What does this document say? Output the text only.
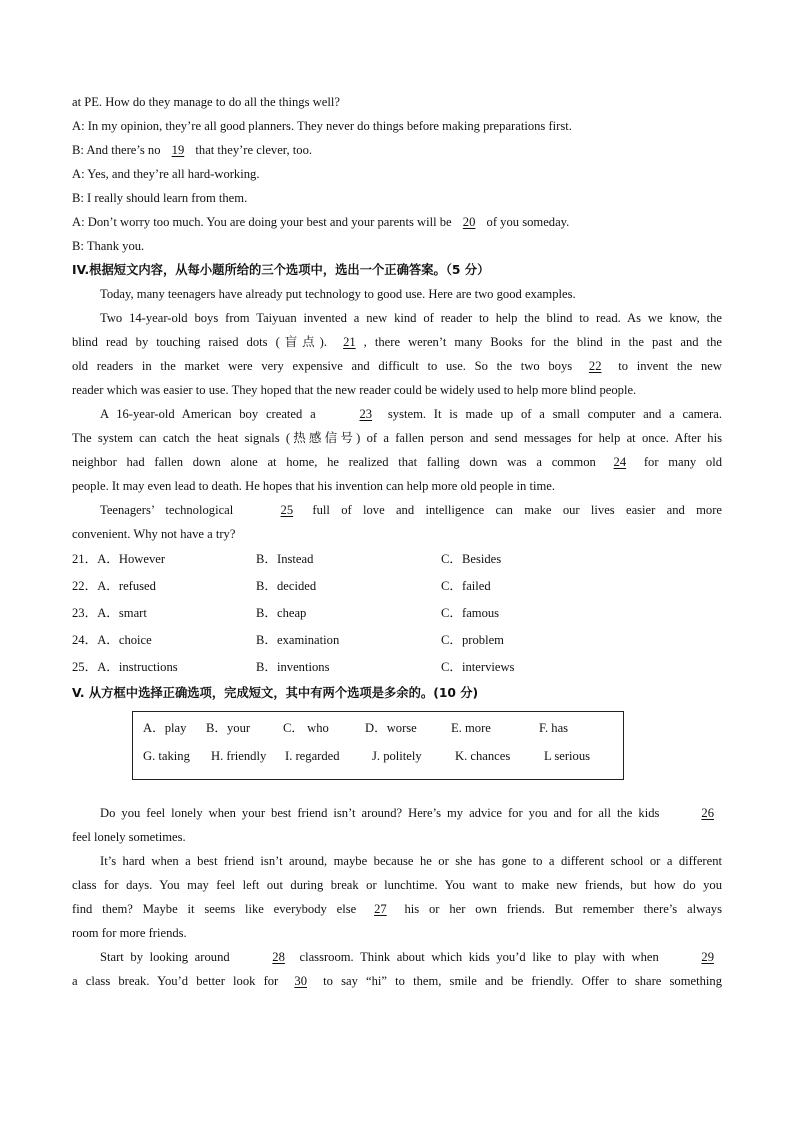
at PE. How do they manage to do all the things well?
A: In my opinion, they’re all good planners. They never do things before making preparations first.
B: And there’s no 19 that they’re clever, too.
A: Yes, and they’re all hard-working.
B: I really should learn from them.
A: Don’t worry too much. You are doing your best and your parents will be 20 of you someday.
B: Thank you.
IV.根据短文内容，从每小题所给的三个选项中，选出一个正确答案。（5 分）
Today, many teenagers have already put technology to good use. Here are two good examples.
Two 14-year-old boys from Taiyuan invented a new kind of reader to help the blind to read. As we know, the
blind read by touching raised dots (盲点). 21 , there weren’t many Books for the blind in the past and the
old readers in the market were very expensive and difficult to use. So the two boys 22 to invent the new
reader which was easier to use. They hoped that the new reader could be widely used to help more blind people.
A 16-year-old American boy created a	23 system. It is made up of a small computer and a camera.
The system can catch the heat signals (热感信号) of a fallen person and send messages for help at once. After his
neighbor had fallen down alone at home, he realized that falling down was a common 24 for many old
people. It may even lead to death. He hopes that his invention can help more old people in time.
Teenagers’ technological	25 full of love and intelligence can make our lives easier and more
convenient. Why not have a try?
21．A．However	B．Instead	C．Besides
22．A．refused	B．decided	C．failed
23．A．smart	B．cheap	C．famous
24．A．choice	B．examination	C．problem
25．A．instructions	B．inventions	C．interviews
V. 从方框中选择正确选项，完成短文，其中有两个选项是多余的。(10 分)
A．play B．your	C． who	D．worse	E. more	F. has
G. taking H. friendly I. regarded	J. politely	K. chances	L serious
Do you feel lonely when your best friend isn’t around? Here’s my advice for you and for all the kids	26
feel lonely sometimes.
It’s hard when a best friend isn’t around, maybe because he or she has gone to a different school or a different
class for days. You may feel left out during break or lunchtime. You want to make new friends, but how do you
find them? Maybe it seems like everybody else 27 his or her own friends. But remember there’s always
room for more friends.
Start by looking around	28 classroom. Think about which kids you’d like to play with when	29
a class break. You’d better look for 30 to say “hi” to them, smile and be friendly. Offer to share something
